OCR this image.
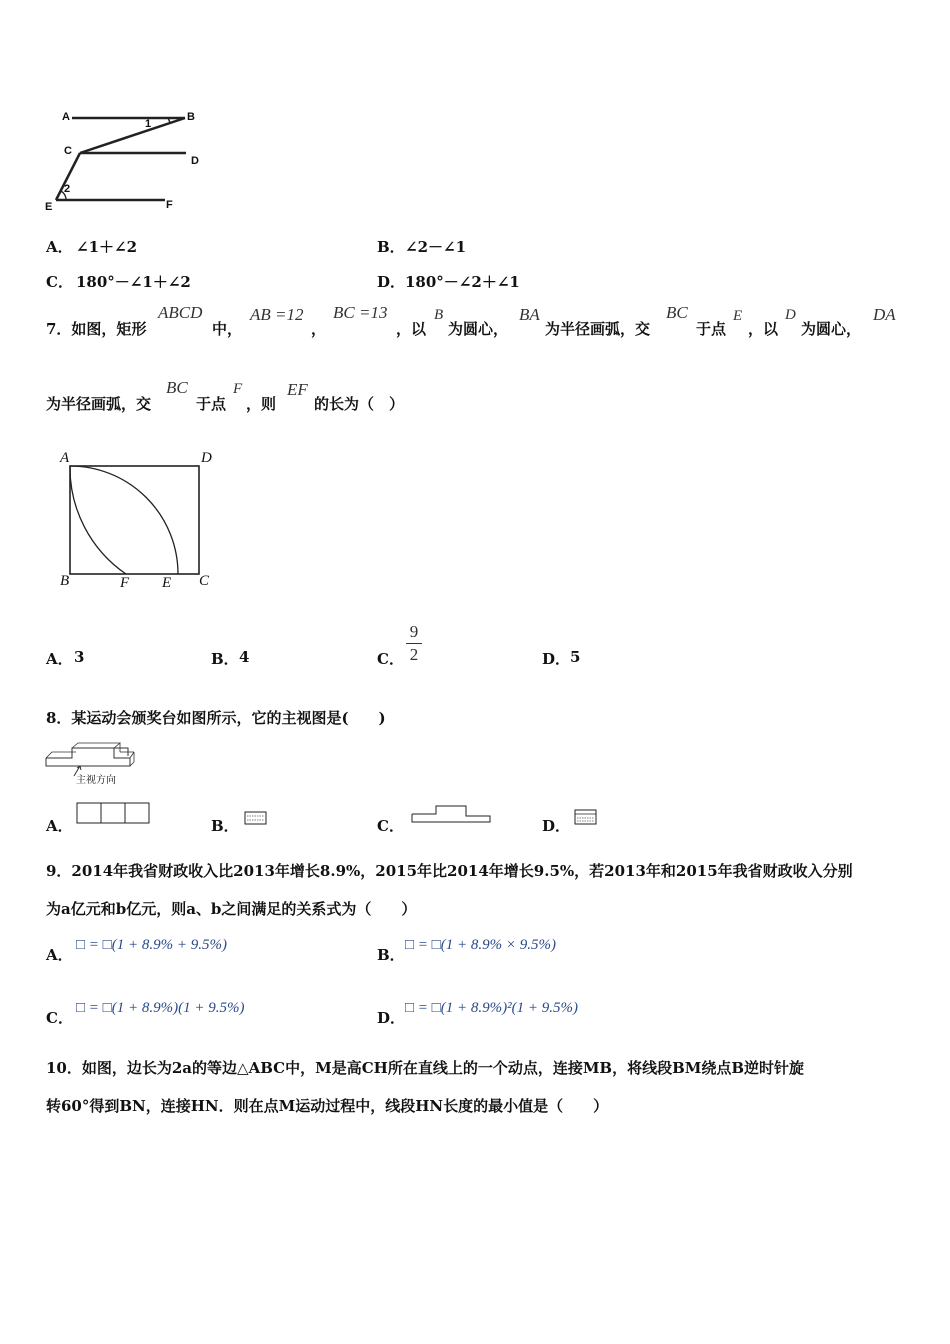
A	B
1
C
D
2
E	F
A． ∠1＋∠2	B． ∠2－∠1
C． 180°－∠1＋∠2	D． 180°－∠2＋∠1
7．如图，矩形
ABCD
中，
AB =12
，
BC =13
，以
B
为圆心，
BA
为半径画弧，交
BC
于点
E
，以
D
为圆心，
DA
为半径画弧，交
BC
于点
F
，则
EF
的长为（　）
A	D
B	F E C
A． 3	B． 4	C．
9
2	D． 5
8．某运动会颁奖台如图所示，它的主视图是(　　)
主视方向
A．	B．	C．	D．
9．2014年我省财政收入比2013年增长8.9%，2015年比2014年增长9.5%，若2013年和2015年我省财政收入分别
为a亿元和b亿元，则a、b之间满足的关系式为（　　）
A．
□ = □(1 + 8.9% + 9.5%)
B．
□ = □(1 + 8.9% × 9.5%)
C．
□ = □(1 + 8.9%)(1 + 9.5%)
D．
□ = □(1 + 8.9%)²(1 + 9.5%)
10．如图，边长为2a的等边△ABC中，M是高CH所在直线上的一个动点，连接MB，将线段BM绕点B逆时针旋
转60°得到BN，连接HN．则在点M运动过程中，线段HN长度的最小值是（　　）
